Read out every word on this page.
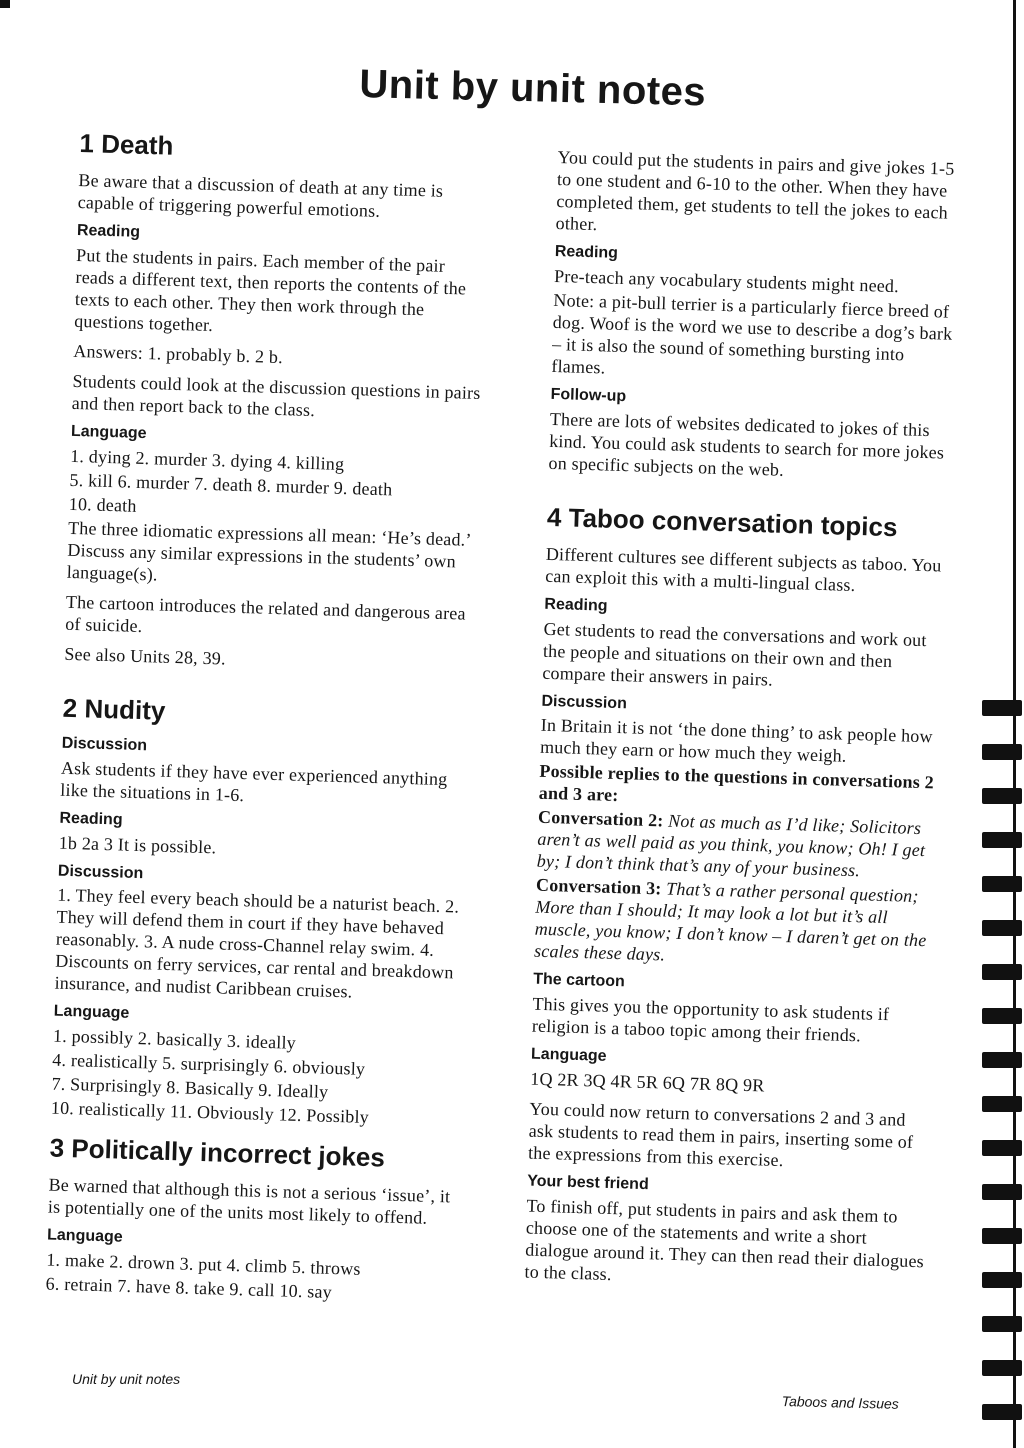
Unit by unit notes
1 Death

Be aware that a discussion of death at any time is capable of triggering powerful emotions.

Reading

Put the students in pairs. Each member of the pair reads a different text, then reports the contents of the texts to each other. They then work through the questions together.

Answers: 1. probably b. 2 b.

Students could look at the discussion questions in pairs and then report back to the class.

Language

1. dying 2. murder 3. dying 4. killing

5. kill 6. murder 7. death 8. murder 9. death

10. death

The three idiomatic expressions all mean: ‘He’s dead.’ Discuss any similar expressions in the students’ own language(s).

The cartoon introduces the related and dangerous area of suicide.

See also Units 28, 39.

2 Nudity
Discussion

Ask students if they have ever experienced anything like the situations in 1-6.

Reading

1b 2a 3 It is possible.

Discussion

1. They feel every beach should be a naturist beach. 2. They will defend them in court if they have behaved reasonably. 3. A nude cross-Channel relay swim. 4. Discounts on ferry services, car rental and breakdown insurance, and nudist Caribbean cruises.

Language

1. possibly 2. basically 3. ideally

4. realistically 5. surprisingly 6. obviously

7. Surprisingly 8. Basically 9. Ideally

10. realistically 11. Obviously 12. Possibly

3 Politically incorrect jokes

Be warned that although this is not a serious ‘issue’, it is potentially one of the units most likely to offend.

Language

1. make 2. drown 3. put 4. climb 5. throws

6. retrain 7. have 8. take 9. call 10. say

You could put the students in pairs and give jokes 1-5 to one student and 6-10 to the other. When they have completed them, get students to tell the jokes to each other.

Reading

Pre-teach any vocabulary students might need.

Note: a pit-bull terrier is a particularly fierce breed of dog. Woof is the word we use to describe a dog’s bark – it is also the sound of something bursting into flames.

Follow-up

There are lots of websites dedicated to jokes of this kind. You could ask students to search for more jokes on specific subjects on the web.

4 Taboo conversation topics

Different cultures see different subjects as taboo. You can exploit this with a multi-lingual class.

Reading

Get students to read the conversations and work out the people and situations on their own and then compare their answers in pairs.

Discussion

In Britain it is not ‘the done thing’ to ask people how much they earn or how much they weigh.

Possible replies to the questions in conversations 2 and 3 are:

Conversation 2: Not as much as I’d like; Solicitors aren’t as well paid as you think, you know; Oh! I get by; I don’t think that’s any of your business.

Conversation 3: That’s a rather personal question; More than I should; It may look a lot but it’s all muscle, you know; I don’t know – I daren’t get on the scales these days.

The cartoon

This gives you the opportunity to ask students if religion is a taboo topic among their friends.

Language

1Q 2R 3Q 4R 5R 6Q 7R 8Q 9R

You could now return to conversations 2 and 3 and ask students to read them in pairs, inserting some of the expressions from this exercise.

Your best friend

To finish off, put students in pairs and ask them to choose one of the statements and write a short dialogue around it. They can then read their dialogues to the class.

Unit by unit notes
Taboos and Issues
